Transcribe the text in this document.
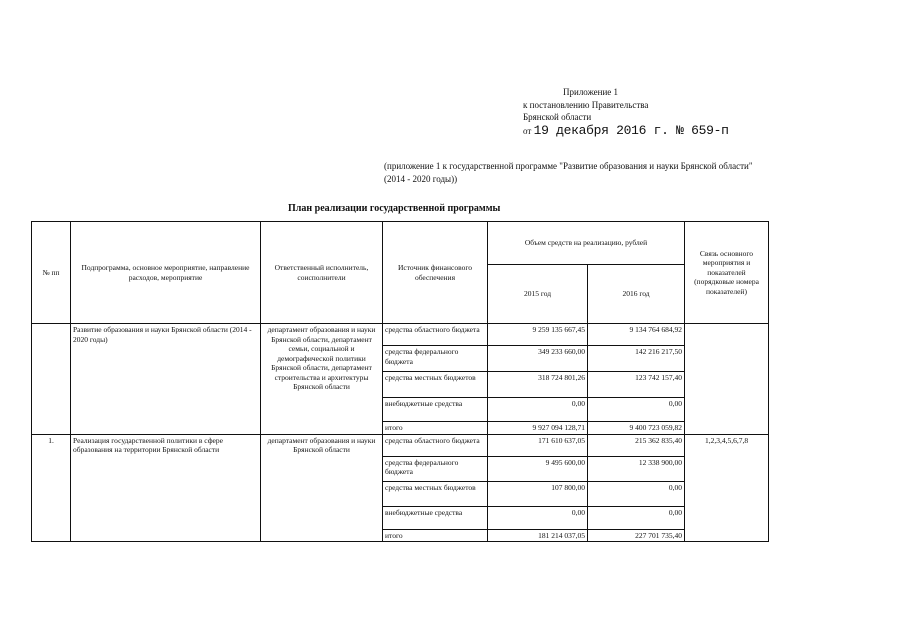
Приложение 1
к постановлению Правительства
Брянской области
от 19 декабря 2016 г. № 659-п
(приложение 1 к государственной программе "Развитие образования и науки Брянской области" (2014 - 2020 годы))
План реализации государственной программы
№ пп	Подпрограмма, основное мероприятие, направление расходов, мероприятие	Ответственный исполнитель, соисполнители	Источник финансового обеспечения	Объем средств на реализацию, рублей		Связь основного мероприятия и показателей (порядковые номера показателей)
				2015 год	2016 год	
	Развитие образования и науки Брянской области (2014 - 2020 годы)	департамент образования и науки Брянской области, департамент семьи, социальной и демографической политики Брянской области, департамент строительства и архитектуры Брянской области	средства областного бюджета	9 259 135 667,45	9 134 764 684,92	
			средства федерального бюджета	349 233 660,00	142 216 217,50	
			средства местных бюджетов	318 724 801,26	123 742 157,40	
			внебюджетные средства	0,00	0,00	
			итого	9 927 094 128,71	9 400 723 059,82	
1.	Реализация государственной политики в сфере образования на территории Брянской области	департамент образования и науки Брянской области	средства областного бюджета	171 610 637,05	215 362 835,40	1,2,3,4,5,6,7,8
			средства федерального бюджета	9 495 600,00	12 338 900,00	
			средства местных бюджетов	107 800,00	0,00	
			внебюджетные средства	0,00	0,00	
			итого	181 214 037,05	227 701 735,40	
